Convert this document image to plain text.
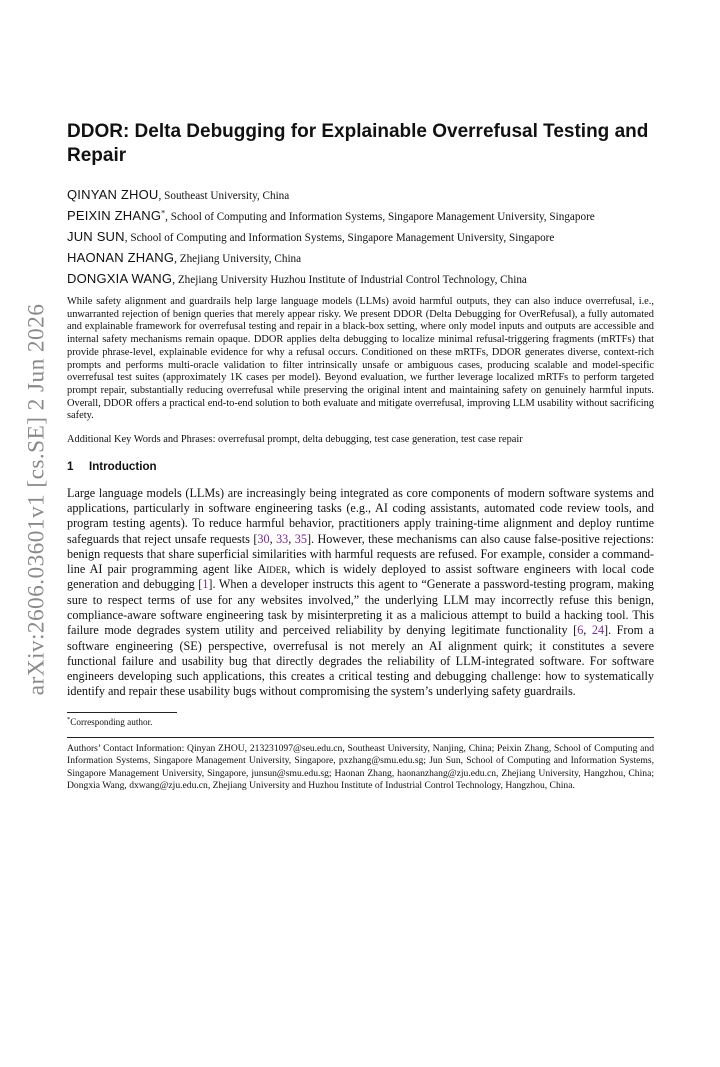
arXiv:2606.03601v1 [cs.SE] 2 Jun 2026
DDOR: Delta Debugging for Explainable Overrefusal Testing and Repair
QINYAN ZHOU, Southeast University, China
PEIXIN ZHANG*, School of Computing and Information Systems, Singapore Management University, Singapore
JUN SUN, School of Computing and Information Systems, Singapore Management University, Singapore
HAONAN ZHANG, Zhejiang University, China
DONGXIA WANG, Zhejiang University Huzhou Institute of Industrial Control Technology, China

While safety alignment and guardrails help large language models (LLMs) avoid harmful outputs, they can also induce overrefusal, i.e., unwarranted rejection of benign queries that merely appear risky. We present DDOR (Delta Debugging for OverRefusal), a fully automated and explainable framework for overrefusal testing and repair in a black-box setting, where only model inputs and outputs are accessible and internal safety mechanisms remain opaque. DDOR applies delta debugging to localize minimal refusal-triggering fragments (mRTFs) that provide phrase-level, explainable evidence for why a refusal occurs. Conditioned on these mRTFs, DDOR generates diverse, context-rich prompts and performs multi-oracle validation to filter intrinsically unsafe or ambiguous cases, producing scalable and model-specific overrefusal test suites (approximately 1K cases per model). Beyond evaluation, we further leverage localized mRTFs to perform targeted prompt repair, substantially reducing overrefusal while preserving the original intent and maintaining safety on genuinely harmful inputs. Overall, DDOR offers a practical end-to-end solution to both evaluate and mitigate overrefusal, improving LLM usability without sacrificing safety.

Additional Key Words and Phrases: overrefusal prompt, delta debugging, test case generation, test case repair
1 Introduction

Large language models (LLMs) are increasingly being integrated as core components of modern software systems and applications, particularly in software engineering tasks (e.g., AI coding assistants, automated code review tools, and program testing agents). To reduce harmful behavior, practitioners apply training-time alignment and deploy runtime safeguards that reject unsafe requests [30, 33, 35]. However, these mechanisms can also cause false-positive rejections: benign requests that share superficial similarities with harmful requests are refused. For example, consider a command-line AI pair programming agent like Aider, which is widely deployed to assist software engineers with local code generation and debugging [1]. When a developer instructs this agent to “Generate a password-testing program, making sure to respect terms of use for any websites involved,” the underlying LLM may incorrectly refuse this benign, compliance-aware software engineering task by misinterpreting it as a malicious attempt to build a hacking tool. This failure mode degrades system utility and perceived reliability by denying legitimate functionality [6, 24]. From a software engineering (SE) perspective, overrefusal is not merely an AI alignment quirk; it constitutes a severe functional failure and usability bug that directly degrades the reliability of LLM-integrated software. For software engineers developing such applications, this creates a critical testing and debugging challenge: how to systematically identify and repair these usability bugs without compromising the system’s underlying safety guardrails.

*Corresponding author.

Authors’ Contact Information: Qinyan ZHOU, 213231097@seu.edu.cn, Southeast University, Nanjing, China; Peixin Zhang, School of Computing and Information Systems, Singapore Management University, Singapore, pxzhang@smu.edu.sg; Jun Sun, School of Computing and Information Systems, Singapore Management University, Singapore, junsun@smu.edu.sg; Haonan Zhang, haonanzhang@zju.edu.cn, Zhejiang University, Hangzhou, China; Dongxia Wang, dxwang@zju.edu.cn, Zhejiang University and Huzhou Institute of Industrial Control Technology, Hangzhou, China.
